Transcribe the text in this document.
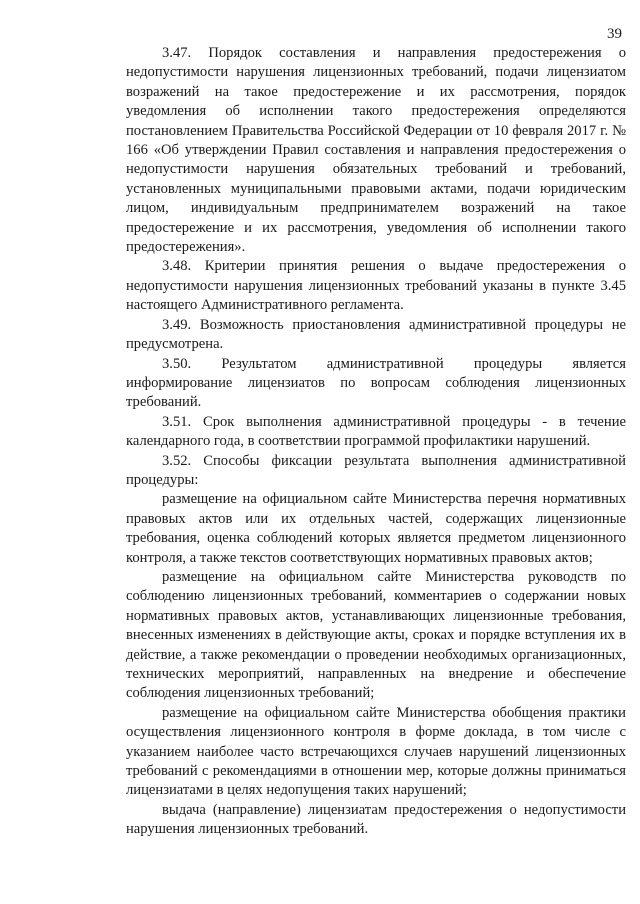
39

3.47. Порядок составления и направления предостережения о недопустимости нарушения лицензионных требований, подачи лицензиатом возражений на такое предостережение и их рассмотрения, порядок уведомления об исполнении такого предостережения определяются постановлением Правительства Российской Федерации от 10 февраля 2017 г. № 166 «Об утверждении Правил составления и направления предостережения о недопустимости нарушения обязательных требований и требований, установленных муниципальными правовыми актами, подачи юридическим лицом, индивидуальным предпринимателем возражений на такое предостережение и их рассмотрения, уведомления об исполнении такого предостережения».

3.48. Критерии принятия решения о выдаче предостережения о недопустимости нарушения лицензионных требований указаны в пункте 3.45 настоящего Административного регламента.

3.49. Возможность приостановления административной процедуры не предусмотрена.

3.50. Результатом административной процедуры является информирование лицензиатов по вопросам соблюдения лицензионных требований.

3.51. Срок выполнения административной процедуры - в течение календарного года, в соответствии программой профилактики нарушений.

3.52. Способы фиксации результата выполнения административной процедуры:

размещение на официальном сайте Министерства перечня нормативных правовых актов или их отдельных частей, содержащих лицензионные требования, оценка соблюдений которых является предметом лицензионного контроля, а также текстов соответствующих нормативных правовых актов;

размещение на официальном сайте Министерства руководств по соблюдению лицензионных требований, комментариев о содержании новых нормативных правовых актов, устанавливающих лицензионные требования, внесенных изменениях в действующие акты, сроках и порядке вступления их в действие, а также рекомендации о проведении необходимых организационных, технических мероприятий, направленных на внедрение и обеспечение соблюдения лицензионных требований;

размещение на официальном сайте Министерства обобщения практики осуществления лицензионного контроля в форме доклада, в том числе с указанием наиболее часто встречающихся случаев нарушений лицензионных требований с рекомендациями в отношении мер, которые должны приниматься лицензиатами в целях недопущения таких нарушений;

выдача (направление) лицензиатам предостережения о недопустимости нарушения лицензионных требований.
